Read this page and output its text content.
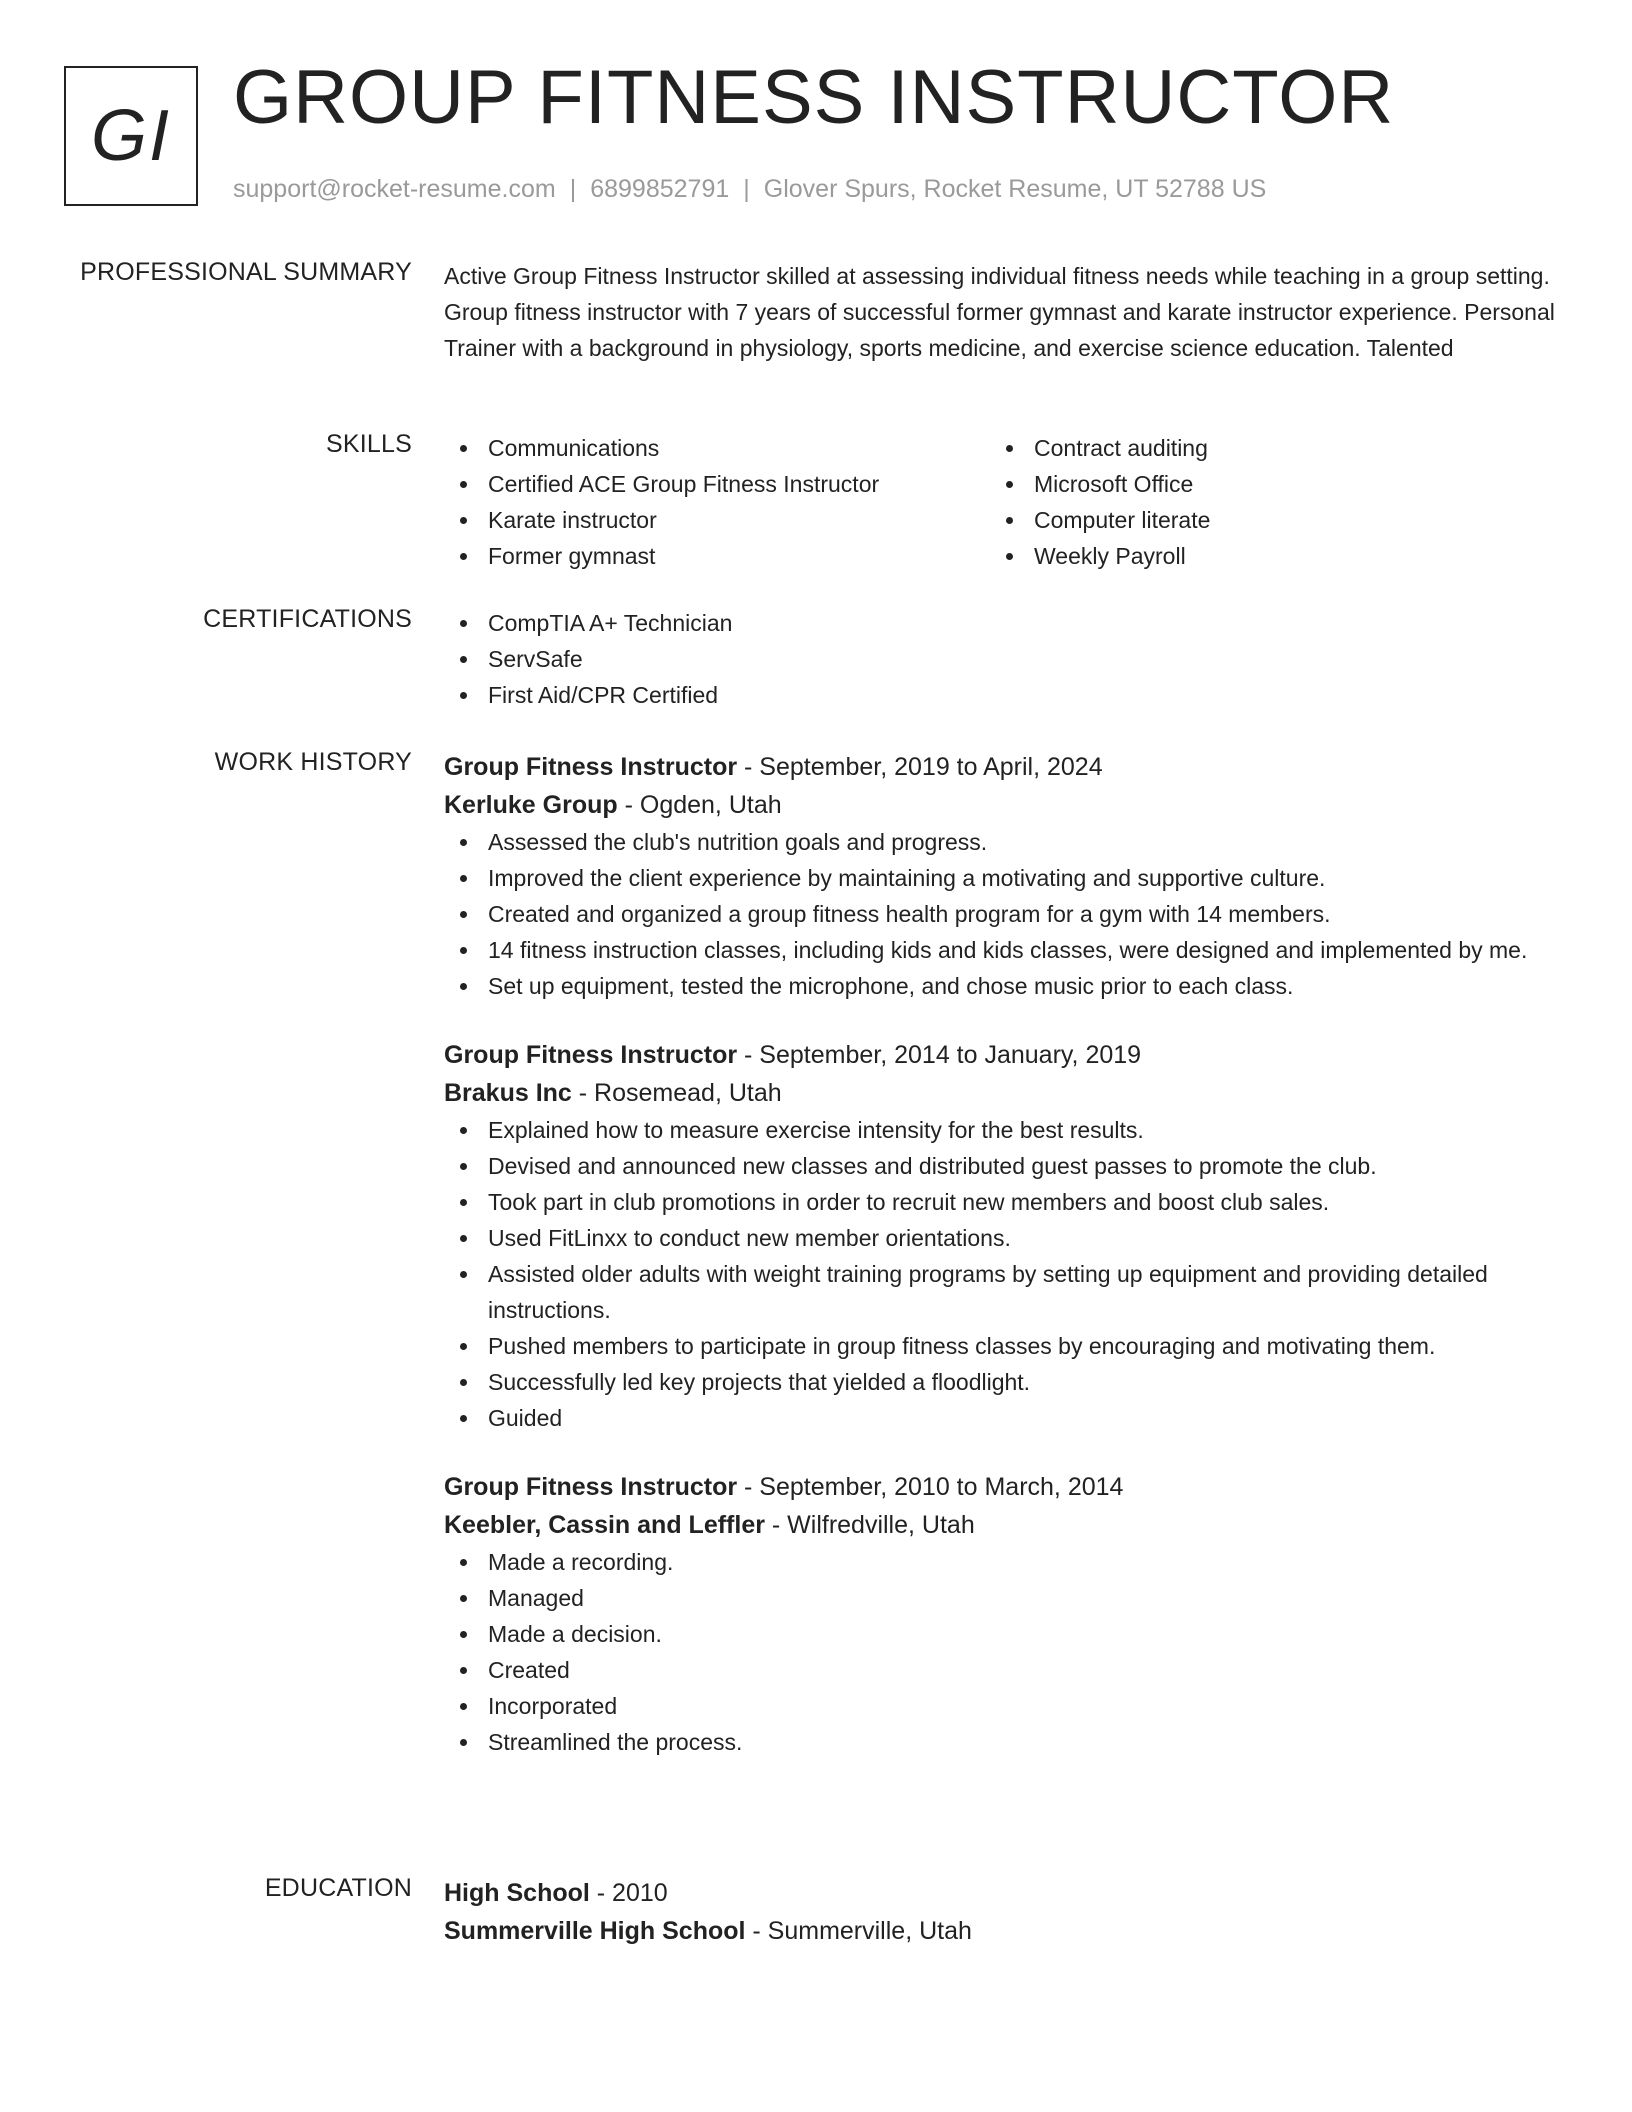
GI GROUP FITNESS INSTRUCTOR
support@rocket-resume.com | 6899852791 | Glover Spurs, Rocket Resume, UT 52788 US
PROFESSIONAL SUMMARY Active Group Fitness Instructor skilled at assessing individual fitness needs while teaching in a group setting. Group fitness instructor with 7 years of successful former gymnast and karate instructor experience. Personal Trainer with a background in physiology, sports medicine, and exercise science education. Talented

SKILLS	Communications
Certified ACE Group Fitness Instructor
Karate instructor
Former gymnast
Contract auditing
Microsoft Office
Computer literate
Weekly Payroll
CERTIFICATIONS	CompTIA A+ Technician
ServSafe
First Aid/CPR Certified
WORK HISTORY Group Fitness Instructor - September, 2019 to April, 2024
Kerluke Group - Ogden, Utah
Assessed the club's nutrition goals and progress.
Improved the client experience by maintaining a motivating and supportive culture.
Created and organized a group fitness health program for a gym with 14 members.
14 fitness instruction classes, including kids and kids classes, were designed and implemented by me.
Set up equipment, tested the microphone, and chose music prior to each class.
Group Fitness Instructor - September, 2014 to January, 2019
Brakus Inc - Rosemead, Utah
Explained how to measure exercise intensity for the best results.
Devised and announced new classes and distributed guest passes to promote the club.
Took part in club promotions in order to recruit new members and boost club sales.
Used FitLinxx to conduct new member orientations.
Assisted older adults with weight training programs by setting up equipment and providing detailed instructions.
Pushed members to participate in group fitness classes by encouraging and motivating them.
Successfully led key projects that yielded a floodlight.
Guided
Group Fitness Instructor - September, 2010 to March, 2014
Keebler, Cassin and Leffler - Wilfredville, Utah
Made a recording.
Managed
Made a decision.
Created
Incorporated
Streamlined the process.
EDUCATION High School - 2010
Summerville High School - Summerville, Utah
